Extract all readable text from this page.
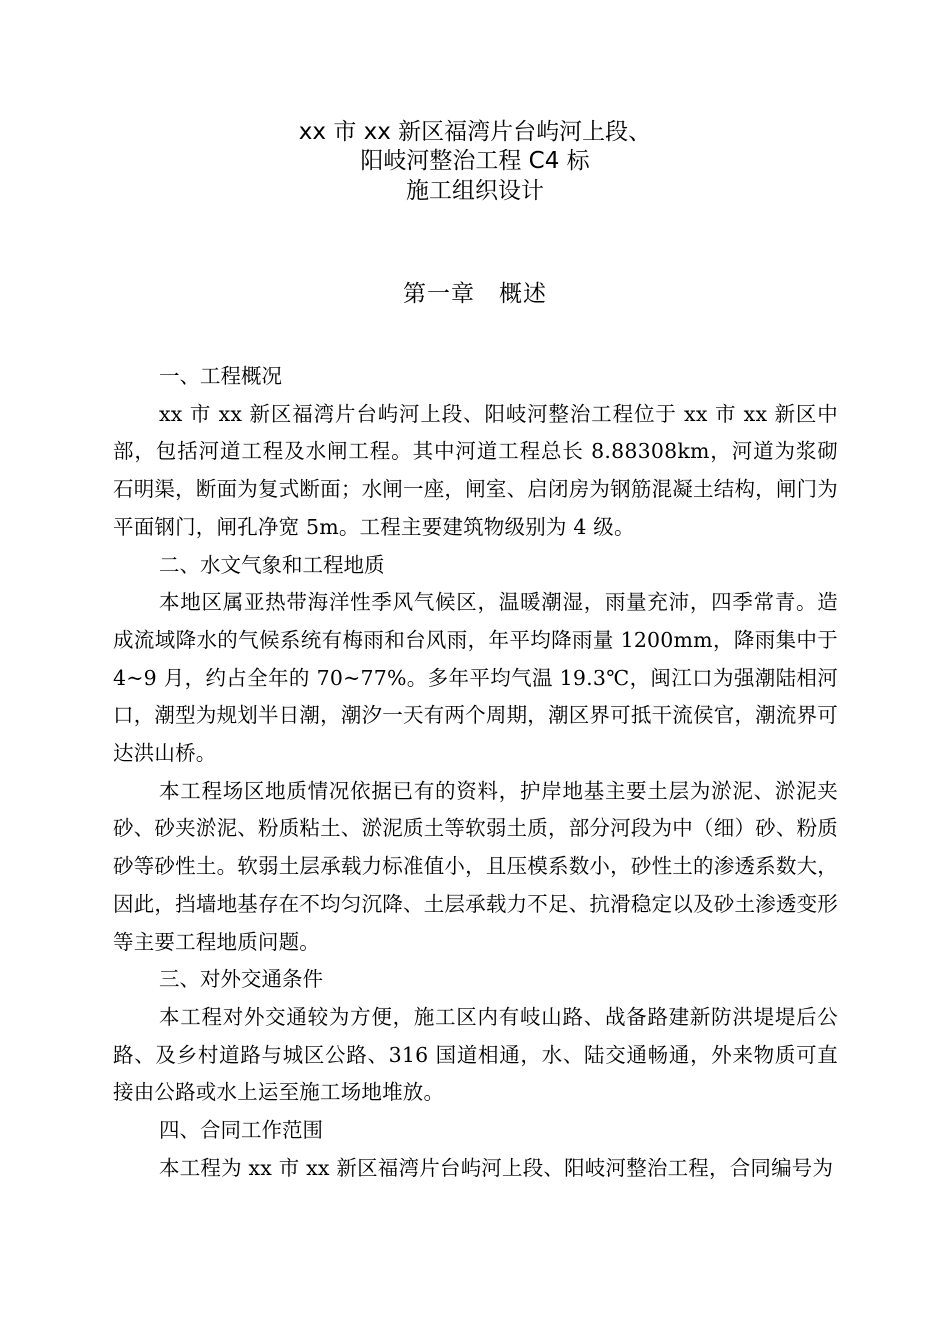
xx 市 xx 新区福湾片台屿河上段、
阳岐河整治工程 C4 标
施工组织设计
第一章　概述
一、工程概况

xx 市 xx 新区福湾片台屿河上段、阳岐河整治工程位于 xx 市 xx 新区中部，包括河道工程及水闸工程。其中河道工程总长 8.88308km，河道为浆砌石明渠，断面为复式断面；水闸一座，闸室、启闭房为钢筋混凝土结构，闸门为平面钢门，闸孔净宽 5m。工程主要建筑物级别为 4 级。

二、水文气象和工程地质

本地区属亚热带海洋性季风气候区，温暖潮湿，雨量充沛，四季常青。造成流域降水的气候系统有梅雨和台风雨，年平均降雨量 1200mm，降雨集中于 4~9 月，约占全年的 70~77%。多年平均气温 19.3℃，闽江口为强潮陆相河口，潮型为规划半日潮，潮汐一天有两个周期，潮区界可抵干流侯官，潮流界可达洪山桥。

本工程场区地质情况依据已有的资料，护岸地基主要土层为淤泥、淤泥夹砂、砂夹淤泥、粉质粘土、淤泥质土等软弱土质，部分河段为中（细）砂、粉质砂等砂性土。软弱土层承载力标准值小，且压模系数小，砂性土的渗透系数大，因此，挡墙地基存在不均匀沉降、土层承载力不足、抗滑稳定以及砂土渗透变形等主要工程地质问题。

三、对外交通条件

本工程对外交通较为方便，施工区内有岐山路、战备路建新防洪堤堤后公路、及乡村道路与城区公路、316 国道相通，水、陆交通畅通，外来物质可直接由公路或水上运至施工场地堆放。

四、合同工作范围

本工程为 xx 市 xx 新区福湾片台屿河上段、阳岐河整治工程，合同编号为
